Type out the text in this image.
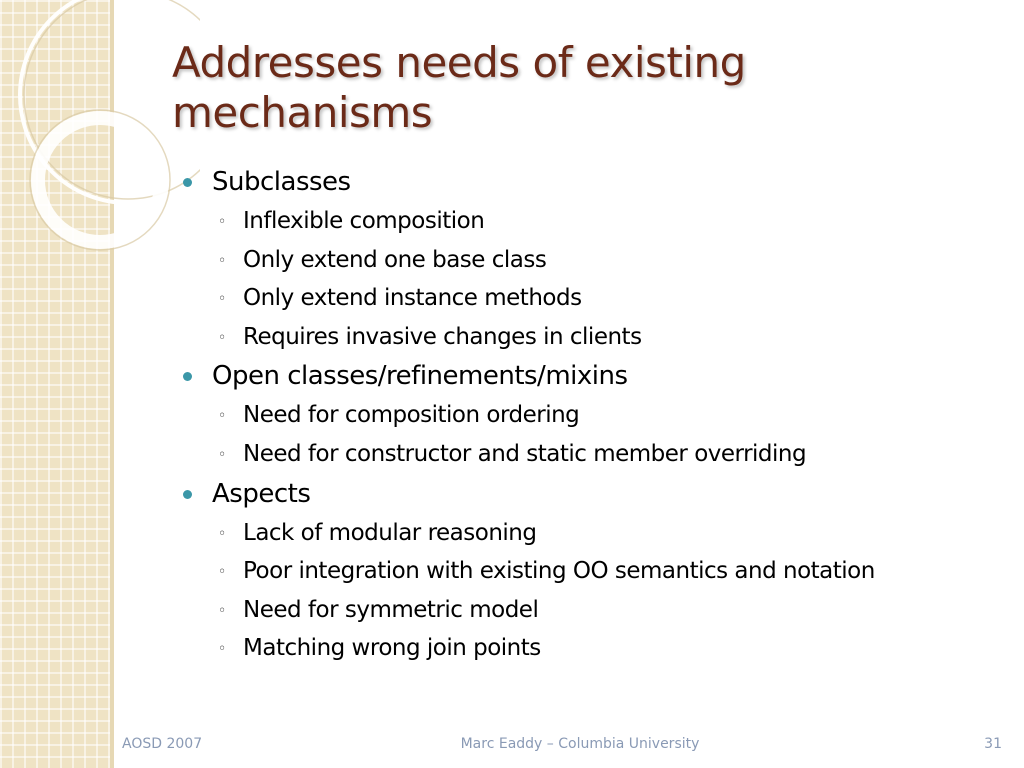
Addresses needs of existing mechanisms
Subclasses
◦ Inflexible composition
◦ Only extend one base class
◦ Only extend instance methods
◦ Requires invasive changes in clients
Open classes/refinements/mixins
◦ Need for composition ordering
◦ Need for constructor and static member overriding
Aspects
◦ Lack of modular reasoning
◦ Poor integration with existing OO semantics and notation
◦ Need for symmetric model
◦ Matching wrong join points
AOSD 2007	Marc Eaddy – Columbia University	31
